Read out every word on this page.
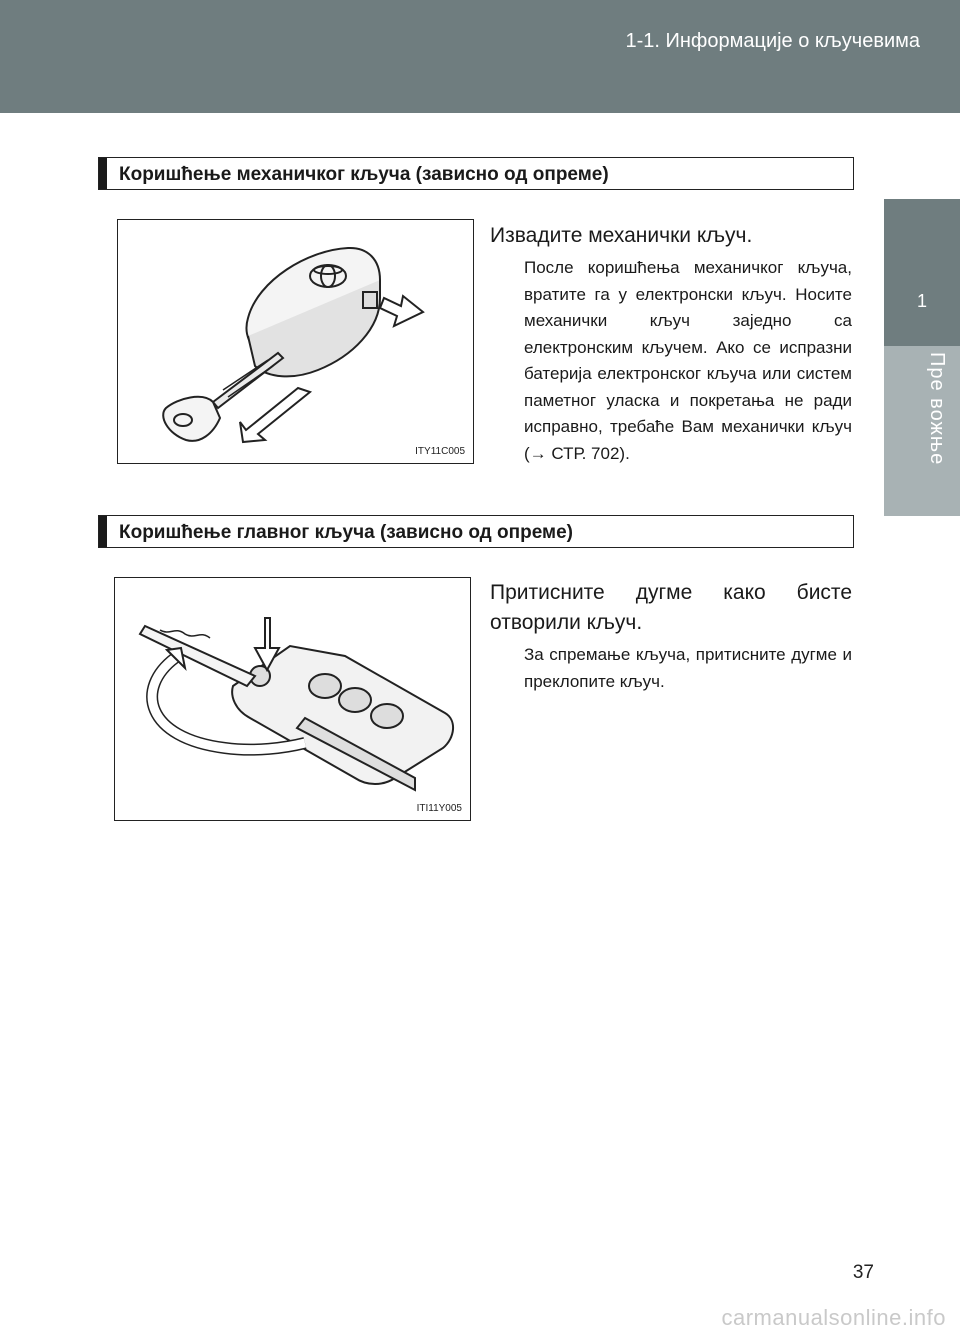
1-1. Информације о кључевима
1
Пре вожње
Коришћење механичког кључа (зависно од опреме)
ITY11C005

Извадите механички кључ.

После коришћења механичког кључа, вратите га у електронски кључ. Носите механички кључ заједно са електронским кључем. Ако се испразни батерија електронског кључа или систем паметног уласка и покретања не ради исправно, требаће Вам механички кључ (→ СТР. 702).

Коришћење главног кључа (зависно од опреме)
ITI11Y005

Притисните дугме како бисте отворили кључ.

За спремање кључа, притисните дугме и преклопите кључ.

37
carmanualsonline.info
